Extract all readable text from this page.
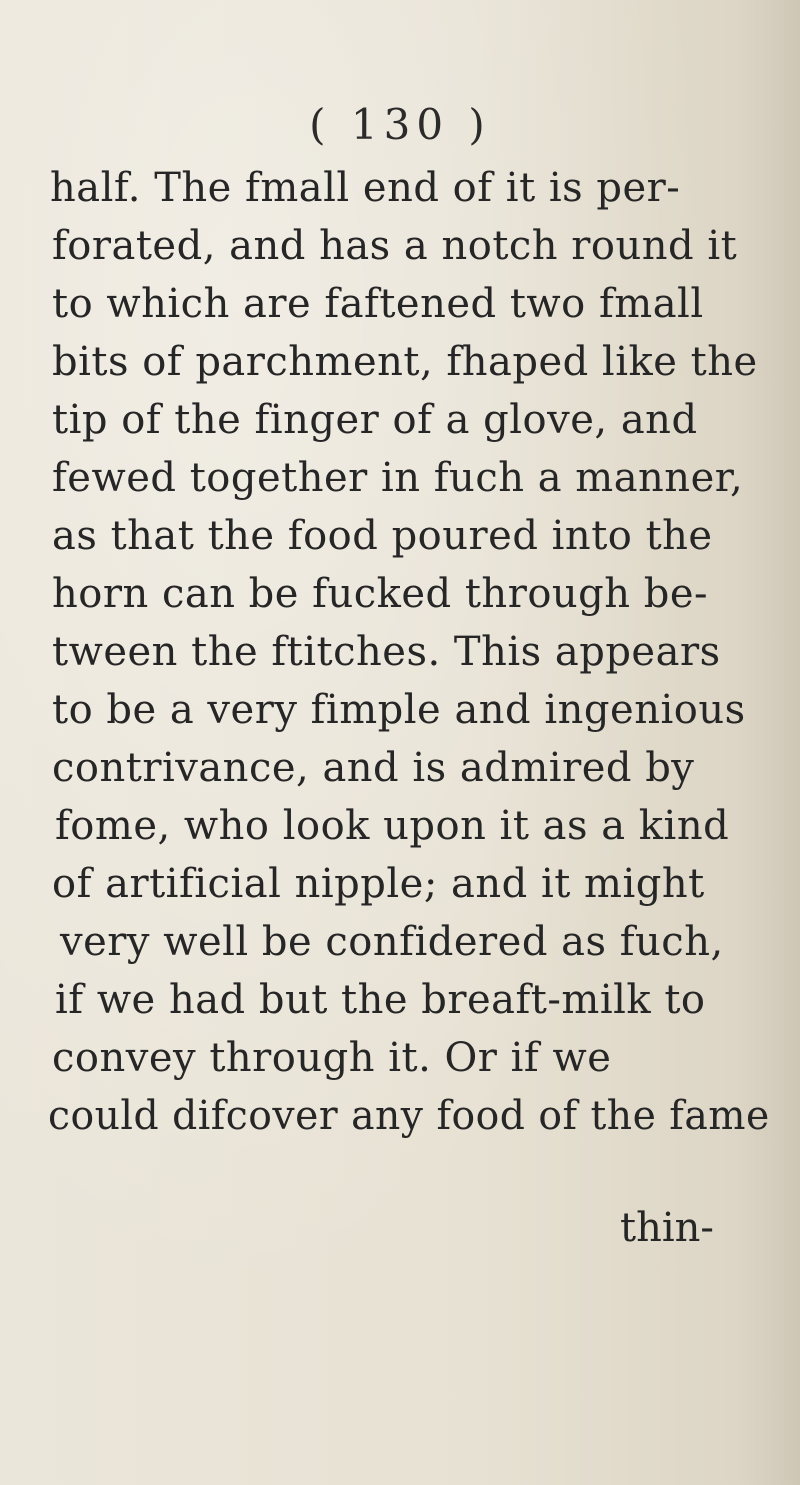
( 130 )
half. The fmall end of it is per-
forated, and has a notch round it
to which are faftened two fmall
bits of parchment, fhaped like the
tip of the finger of a glove, and
fewed together in fuch a manner,
as that the food poured into the
horn can be fucked through be-
tween the ftitches. This appears
to be a very fimple and ingenious
contrivance, and is admired by
fome, who look upon it as a kind
of artificial nipple; and it might
very well be confidered as fuch,
if we had but the breaft-milk to
convey through it. Or if we
could difcover any food of the fame
thin-
